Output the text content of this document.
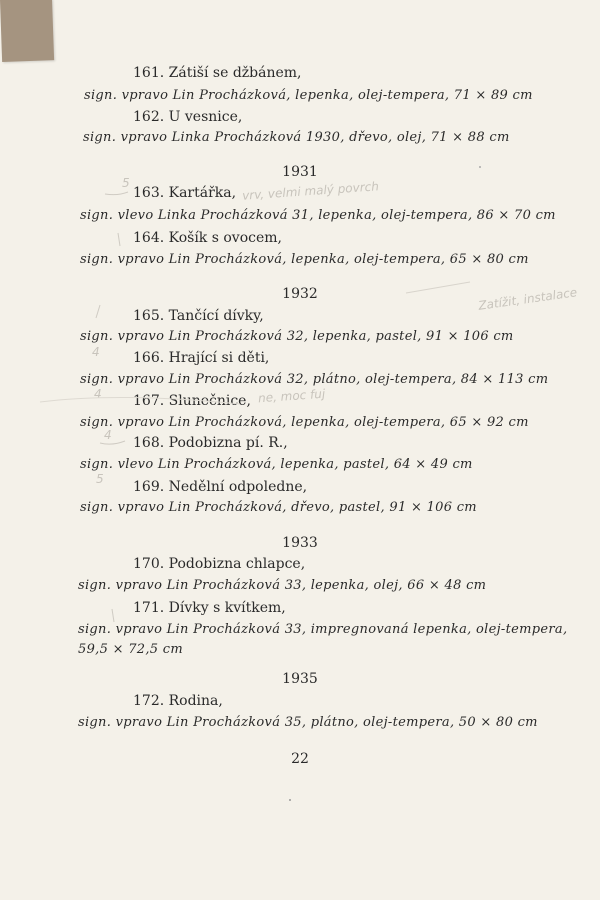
161. Zátiší se džbánem,
sign. vpravo Lin Procházková, lepenka, olej-tempera, 71 × 89 cm
162. U vesnice,
sign. vpravo Linka Procházková 1930, dřevo, olej, 71 × 88 cm
1931
163. Kartářka,
sign. vlevo Linka Procházková 31, lepenka, olej-tempera, 86 × 70 cm
164. Košík s ovocem,
sign. vpravo Lin Procházková, lepenka, olej-tempera, 65 × 80 cm
1932
165. Tančící dívky,
sign. vpravo Lin Procházková 32, lepenka, pastel, 91 × 106 cm
166. Hrající si děti,
sign. vpravo Lin Procházková 32, plátno, olej-tempera, 84 × 113 cm
167. Slunečnice,
sign. vpravo Lin Procházková, lepenka, olej-tempera, 65 × 92 cm
168. Podobizna pí. R.,
sign. vlevo Lin Procházková, lepenka, pastel, 64 × 49 cm
169. Nedělní odpoledne,
sign. vpravo Lin Procházková, dřevo, pastel, 91 × 106 cm
1933
170. Podobizna chlapce,
sign. vpravo Lin Procházková 33, lepenka, olej, 66 × 48 cm
171. Dívky s kvítkem,
sign. vpravo Lin Procházková 33, impregnovaná lepenka, olej-tempera,
59,5 × 72,5 cm
1935
172. Rodina,
sign. vpravo Lin Procházková 35, plátno, olej-tempera, 50 × 80 cm
22
vrv, velmi malý povrch
ne, moc fuj
Zatížit, instalace
5
4
4
4
5
